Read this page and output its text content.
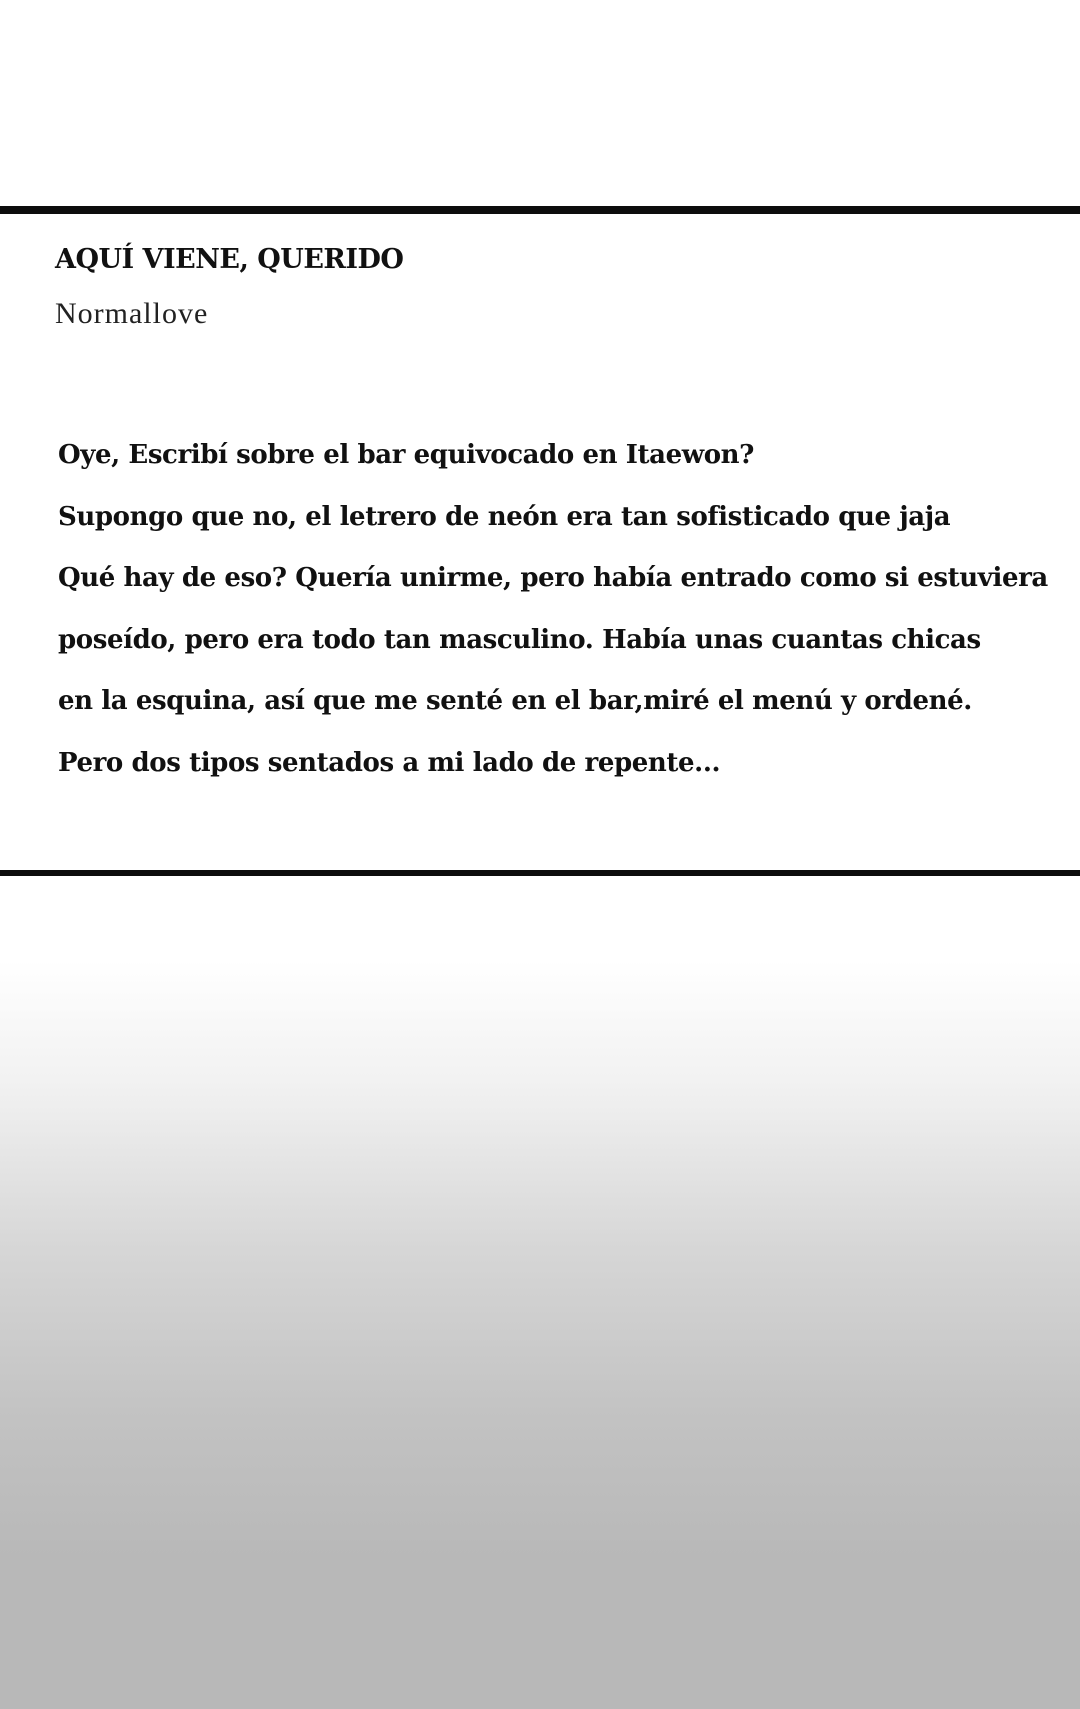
AQUÍ VIENE, QUERIDO

Normallove

Oye, Escribí sobre el bar equivocado en Itaewon?

Supongo que no, el letrero de neón era tan sofisticado que jaja

Qué hay de eso? Quería unirme, pero había entrado como si estuviera

poseído, pero era todo tan masculino. Había unas cuantas chicas

en la esquina, así que me senté en el bar,miré el menú y ordené.

Pero dos tipos sentados a mi lado de repente...
